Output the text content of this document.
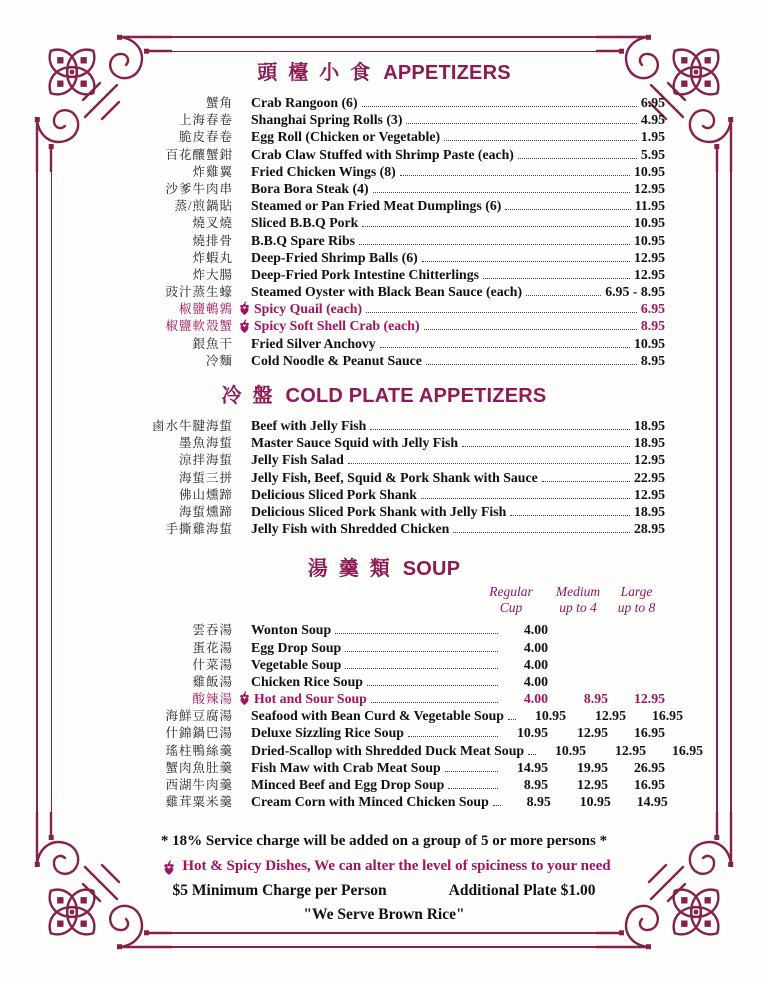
頭 檯 小 食 APPETIZERS
蟹角 Crab Rangoon (6)	6.95
上海春卷 Shanghai Spring Rolls (3)	4.95
脆皮春卷 Egg Roll (Chicken or Vegetable)	1.95
百花釀蟹鉗 Crab Claw Stuffed with Shrimp Paste (each)	5.95
炸雞翼 Fried Chicken Wings (8)	10.95
沙爹牛肉串 Bora Bora Steak (4)	12.95
蒸/煎鍋貼 Steamed or Pan Fried Meat Dumplings (6)	11.95
燒叉燒 Sliced B.B.Q Pork	10.95
燒排骨 B.B.Q Spare Ribs	10.95
炸蝦丸 Deep-Fried Shrimp Balls (6)	12.95
炸大腸 Deep-Fried Pork Intestine Chitterlings	12.95
豉汁蒸生蠔 Steamed Oyster with Black Bean Sauce (each)	6.95 - 8.95
椒鹽鵪鶉 Spicy Quail (each)	6.95
椒鹽軟殼蟹 Spicy Soft Shell Crab (each)	8.95
銀魚干 Fried Silver Anchovy	10.95
冷麵 Cold Noodle & Peanut Sauce	8.95
冷 盤 COLD PLATE APPETIZERS
鹵水牛腱海蜇 Beef with Jelly Fish	18.95
墨魚海蜇 Master Sauce Squid with Jelly Fish	18.95
涼拌海蜇 Jelly Fish Salad	12.95
海蜇三拼 Jelly Fish, Beef, Squid & Pork Shank with Sauce	22.95
佛山燻蹄 Delicious Sliced Pork Shank	12.95
海蜇燻蹄 Delicious Sliced Pork Shank with Jelly Fish	18.95
手撕雞海蜇 Jelly Fish with Shredded Chicken	28.95
湯 羹 類 SOUP
Regular
Cup
Medium
up to 4
Large
up to 8
雲吞湯 Wonton Soup	4.00
蛋花湯 Egg Drop Soup	4.00
什菜湯 Vegetable Soup	4.00
雞飯湯 Chicken Rice Soup	4.00
酸辣湯 Hot and Sour Soup	4.00	8.95	12.95
海鮮豆腐湯 Seafood with Bean Curd & Vegetable Soup	10.95	12.95	16.95
什錦鍋巴湯 Deluxe Sizzling Rice Soup	10.95	12.95	16.95
瑤柱鴨絲羹 Dried-Scallop with Shredded Duck Meat Soup	10.95	12.95	16.95
蟹肉魚肚羹 Fish Maw with Crab Meat Soup	14.95	19.95	26.95
西湖牛肉羹 Minced Beef and Egg Drop Soup	8.95	12.95	16.95
雞茸粟米羹 Cream Corn with Minced Chicken Soup	8.95	10.95	14.95
* 18% Service charge will be added on a group of 5 or more persons *
Hot & Spicy Dishes, We can alter the level of spiciness to your need
$5 Minimum Charge per Person	Additional Plate $1.00
"We Serve Brown Rice"
